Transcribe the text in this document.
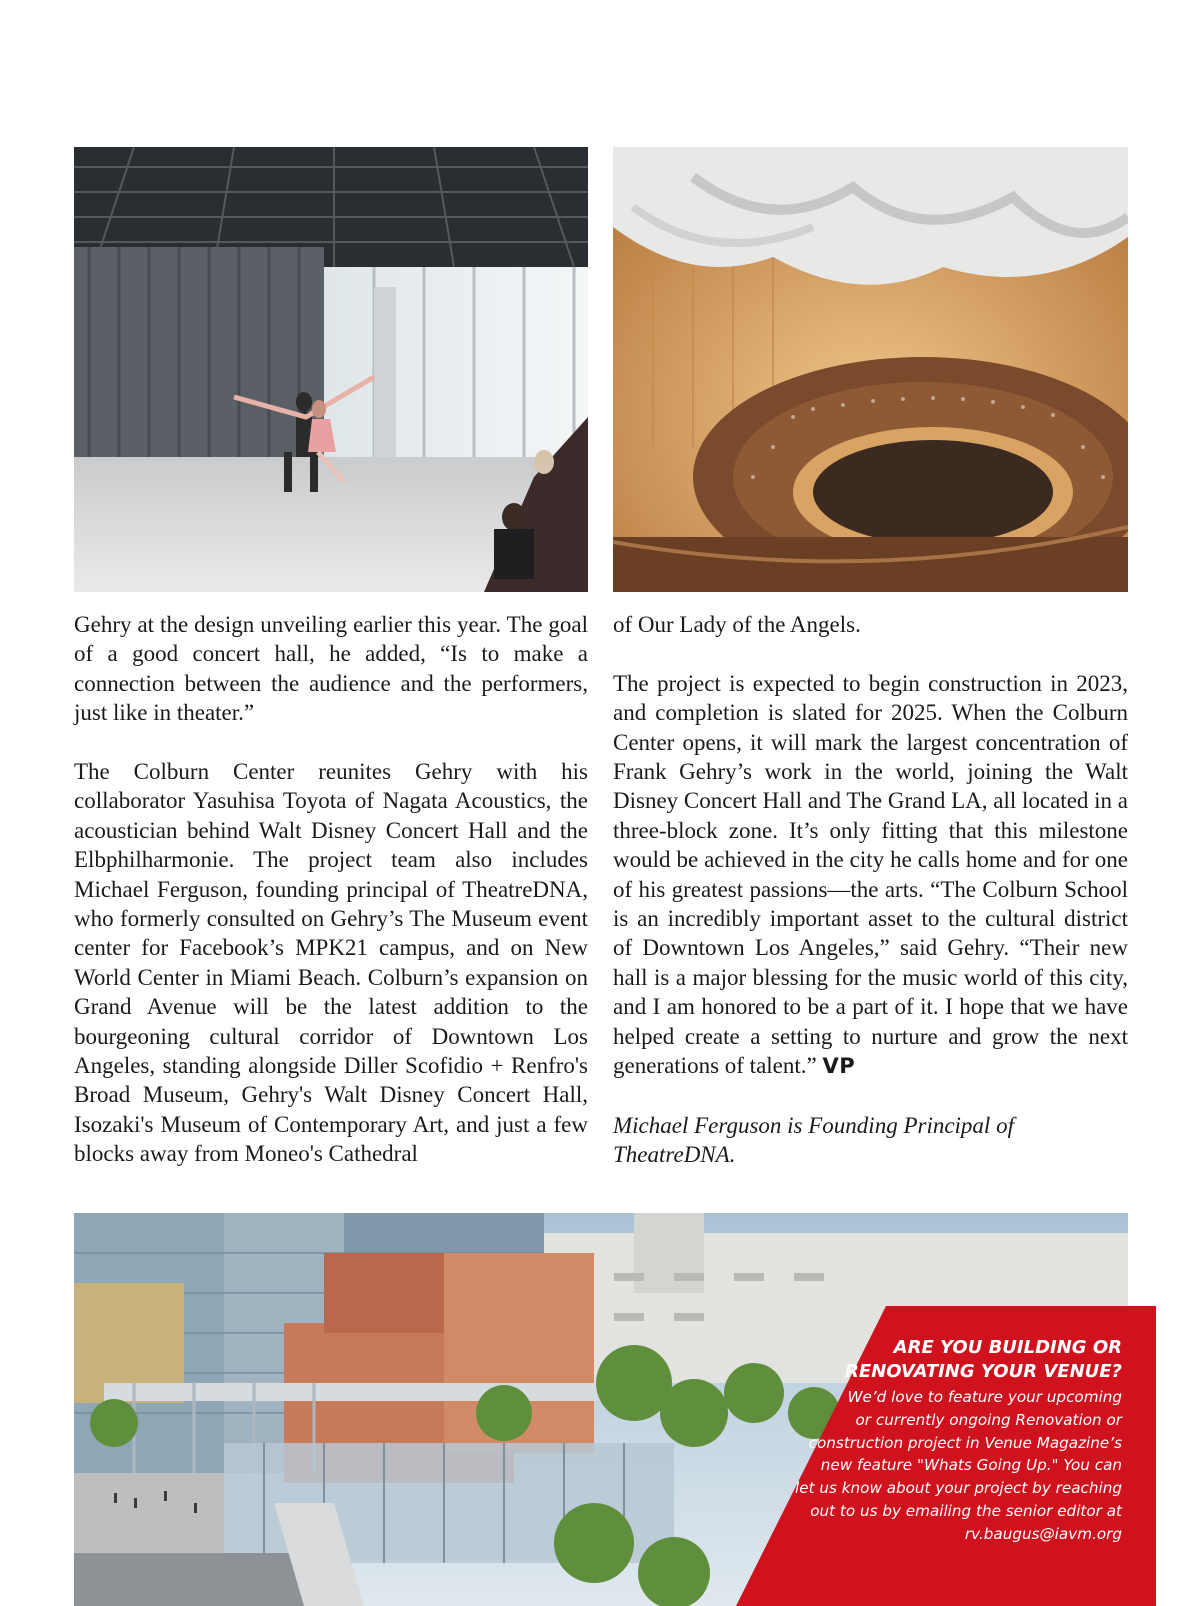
Gehry at the design unveiling earlier this year. The goal of a good concert hall, he added, “Is to make a connection between the audience and the performers, just like in theater.”

The Colburn Center reunites Gehry with his collaborator Yasuhisa Toyota of Nagata Acoustics, the acoustician behind Walt Disney Concert Hall and the Elbphilharmonie. The project team also includes Michael Ferguson, founding principal of TheatreDNA, who formerly consulted on Gehry’s The Museum event center for Facebook’s MPK21 campus, and on New World Center in Miami Beach. Colburn’s expansion on Grand Avenue will be the latest addition to the bourgeoning cultural corridor of Downtown Los Angeles, standing alongside Diller Scofidio + Renfro's Broad Museum, Gehry's Walt Disney Concert Hall, Isozaki's Museum of Contemporary Art, and just a few blocks away from Moneo's Cathedral

of Our Lady of the Angels.

The project is expected to begin construction in 2023, and completion is slated for 2025. When the Colburn Center opens, it will mark the largest concentration of Frank Gehry’s work in the world, joining the Walt Disney Concert Hall and The Grand LA, all located in a three-block zone. It’s only fitting that this milestone would be achieved in the city he calls home and for one of his greatest passions—the arts. “The Colburn School is an incredibly important asset to the cultural district of Downtown Los Angeles,” said Gehry. “Their new hall is a major blessing for the music world of this city, and I am honored to be a part of it. I hope that we have helped create a setting to nurture and grow the next generations of talent.” VP

Michael Ferguson is Founding Principal of TheatreDNA.

ARE YOU BUILDING OR
RENOVATING YOUR VENUE?

We’d love to feature your upcoming
or currently ongoing Renovation or
construction project in Venue Magazine’s
new feature "Whats Going Up." You can
let us know about your project by reaching
out to us by emailing the senior editor at
rv.baugus@iavm.org
